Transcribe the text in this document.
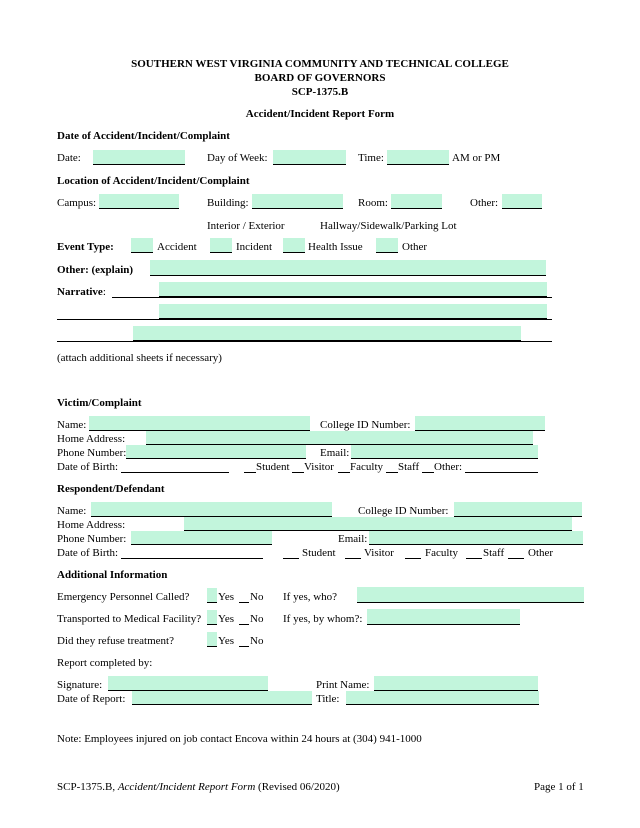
SOUTHERN WEST VIRGINIA COMMUNITY AND TECHNICAL COLLEGE
BOARD OF GOVERNORS
SCP-1375.B
Accident/Incident Report Form
Date of Accident/Incident/Complaint
Date:	Day of Week:	Time:	AM or PM
Location of Accident/Incident/Complaint
Campus:	Building:	Room:	Other:
Interior / Exterior	Hallway/Sidewalk/Parking Lot
Event Type:	Accident	Incident	Health Issue	Other
Other: (explain)
Narrative:
(attach additional sheets if necessary)
Victim/Complaint
Name:	College ID Number:
Home Address:
Phone Number:	Email:
Date of Birth:	Student Visitor Faculty Staff Other:
Respondent/Defendant
Name:	College ID Number:
Home Address:
Phone Number:	Email:
Date of Birth:	Student	Visitor	Faculty Staff Other
Additional Information
Emergency Personnel Called?	Yes No If yes, who?
Transported to Medical Facility? Yes No If yes, by whom?:
Did they refuse treatment?	Yes No
Report completed by:
Signature:	Print Name:
Date of Report:	Title:
Note: Employees injured on job contact Encova within 24 hours at (304) 941-1000
SCP-1375.B, Accident/Incident Report Form (Revised 06/2020)	Page 1 of 1
